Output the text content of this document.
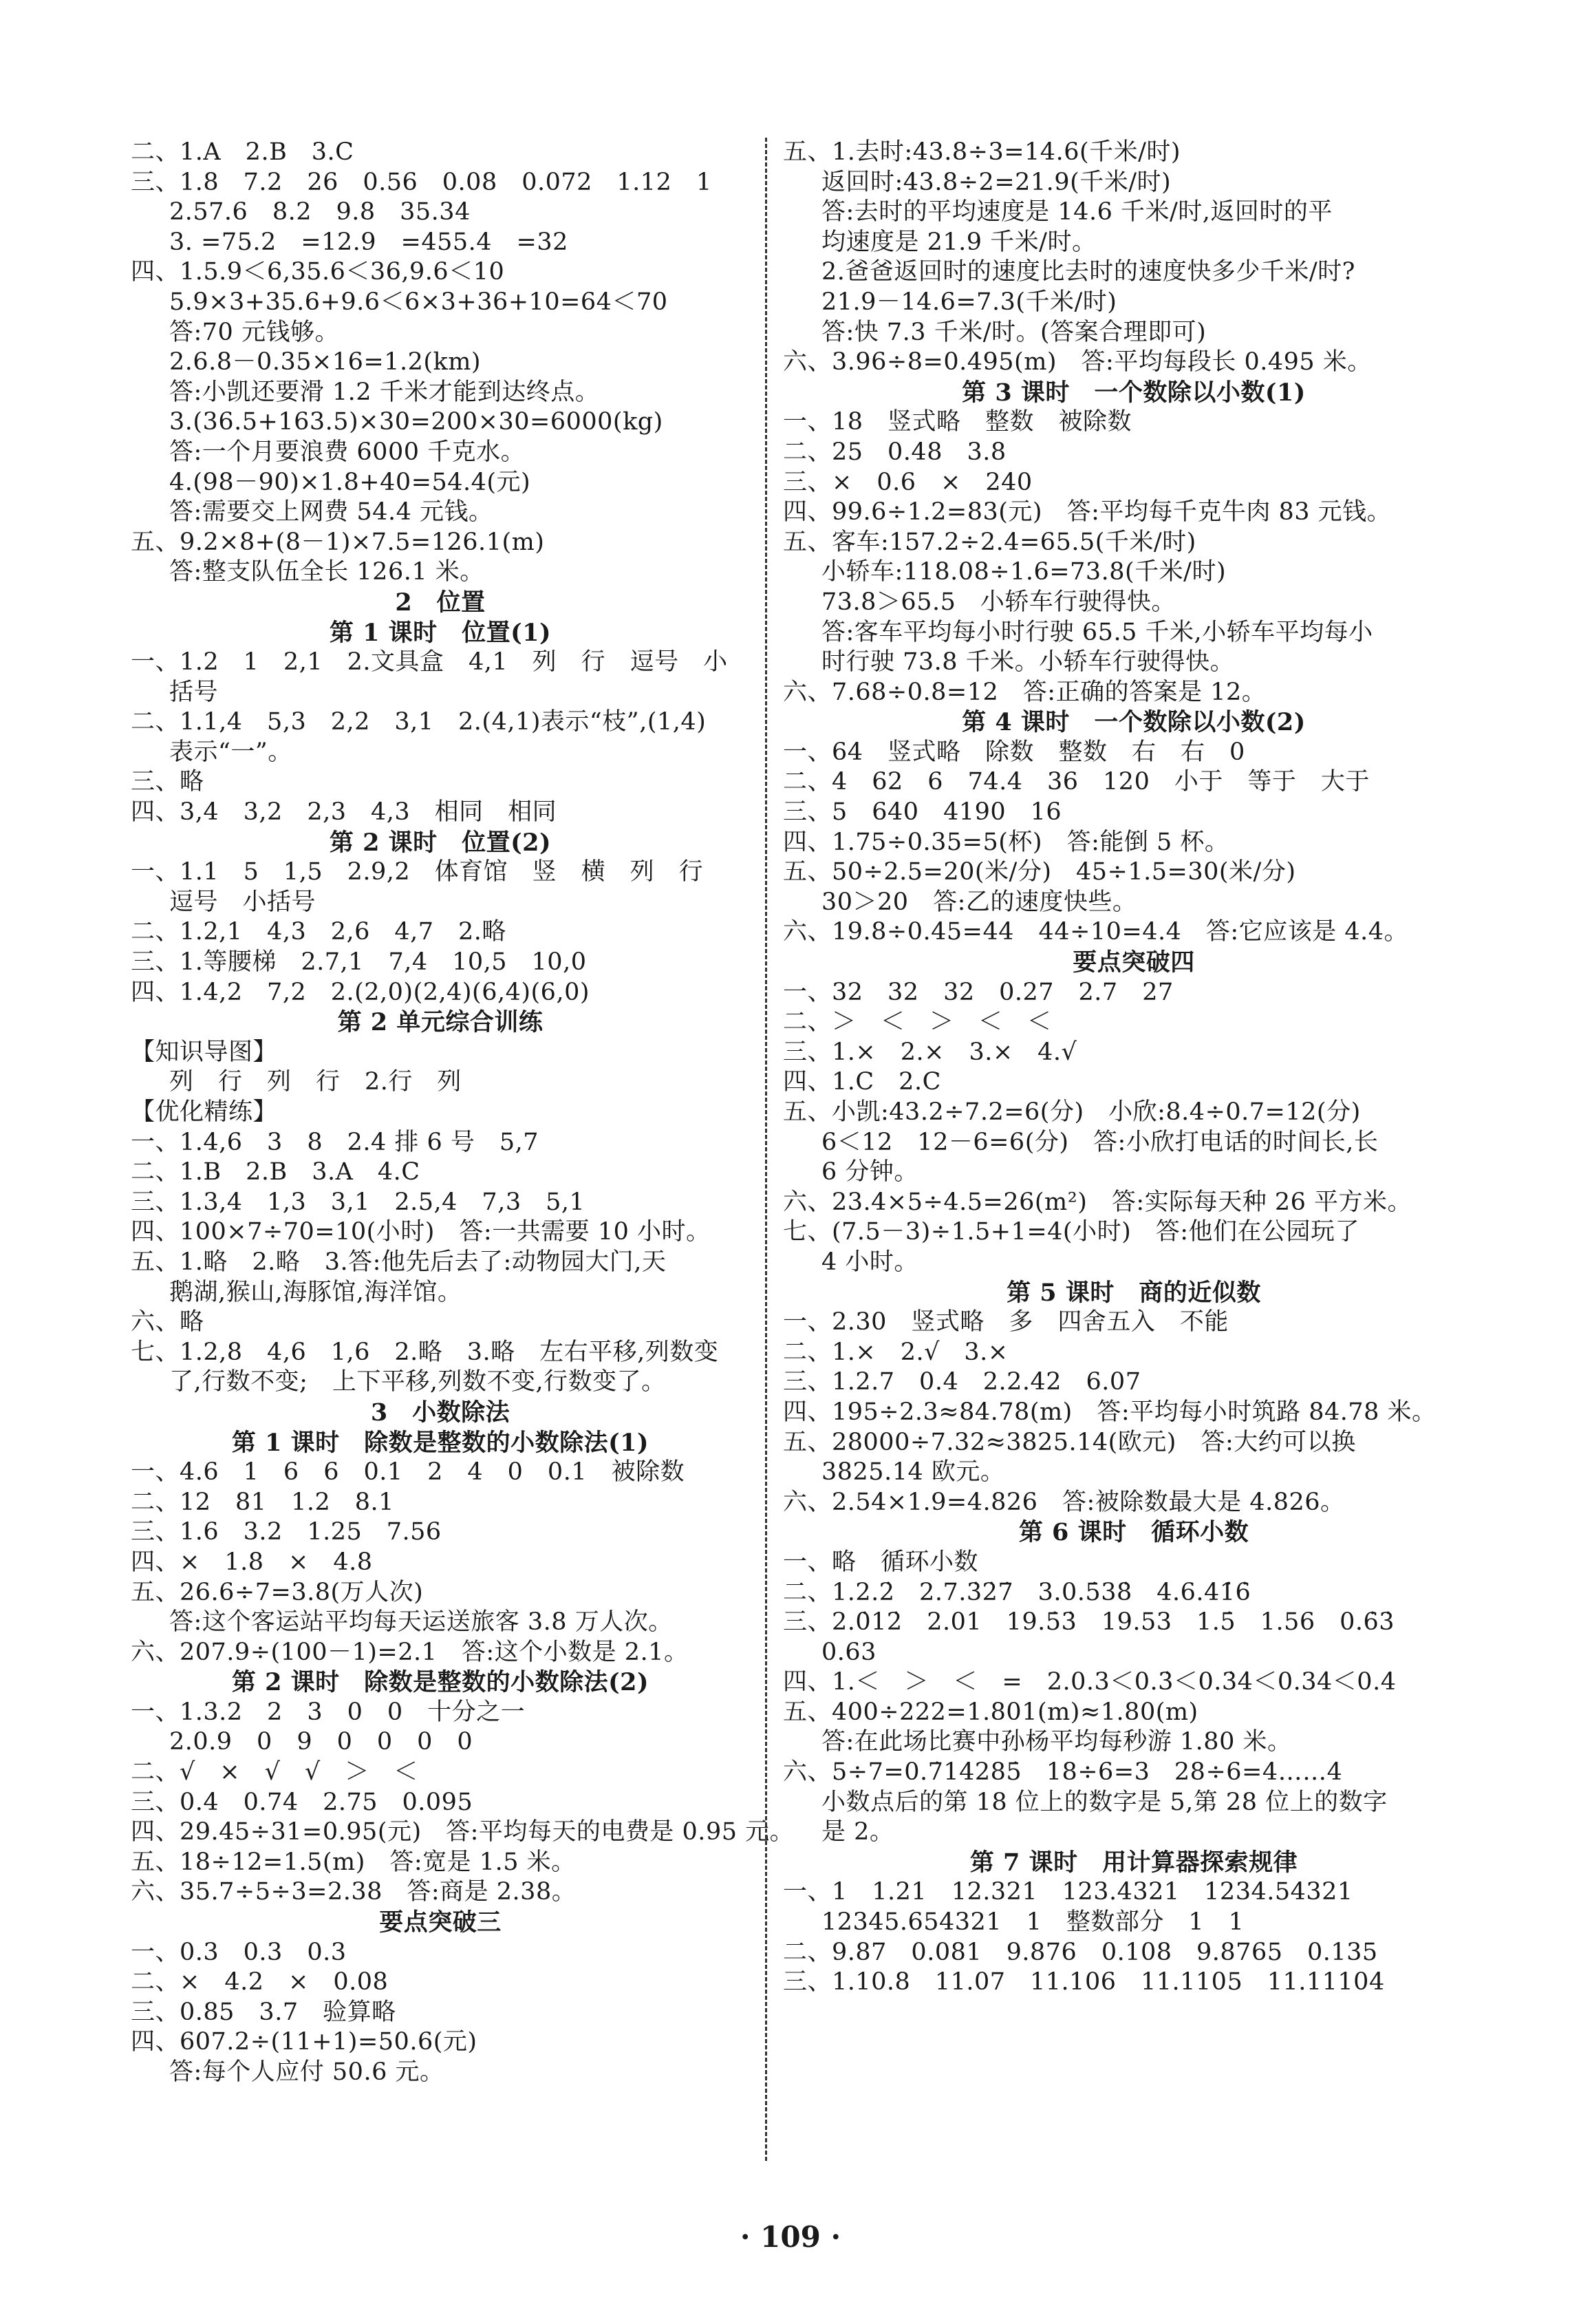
二、1.A　2.B　3.C
三、1.8　7.2　26　0.56　0.08　0.072　1.12　1
2.57.6　8.2　9.8　35.34
3. =75.2　=12.9　=455.4　=32
四、1.5.9＜6,35.6＜36,9.6＜10
5.9×3+35.6+9.6＜6×3+36+10=64＜70
答:70 元钱够。
2.6.8－0.35×16=1.2(km)
答:小凯还要滑 1.2 千米才能到达终点。
3.(36.5+163.5)×30=200×30=6000(kg)
答:一个月要浪费 6000 千克水。
4.(98－90)×1.8+40=54.4(元)
答:需要交上网费 54.4 元钱。
五、9.2×8+(8－1)×7.5=126.1(m)
答:整支队伍全长 126.1 米。
2　位置
第 1 课时　位置(1)
一、1.2　1　2,1　2.文具盒　4,1　列　行　逗号　小
括号
二、1.1,4　5,3　2,2　3,1　2.(4,1)表示“枝”,(1,4)
表示“一”。
三、略
四、3,4　3,2　2,3　4,3　相同　相同
第 2 课时　位置(2)
一、1.1　5　1,5　2.9,2　体育馆　竖　横　列　行
逗号　小括号
二、1.2,1　4,3　2,6　4,7　2.略
三、1.等腰梯　2.7,1　7,4　10,5　10,0
四、1.4,2　7,2　2.(2,0)(2,4)(6,4)(6,0)
第 2 单元综合训练
【知识导图】
列　行　列　行　2.行　列
【优化精练】
一、1.4,6　3　8　2.4 排 6 号　5,7
二、1.B　2.B　3.A　4.C
三、1.3,4　1,3　3,1　2.5,4　7,3　5,1
四、100×7÷70=10(小时)　答:一共需要 10 小时。
五、1.略　2.略　3.答:他先后去了:动物园大门,天
鹅湖,猴山,海豚馆,海洋馆。
六、略
七、1.2,8　4,6　1,6　2.略　3.略　左右平移,列数变
了,行数不变;　上下平移,列数不变,行数变了。
3　小数除法
第 1 课时　除数是整数的小数除法(1)
一、4.6　1　6　6　0.1　2　4　0　0.1　被除数
二、12　81　1.2　8.1
三、1.6　3.2　1.25　7.56
四、×　1.8　×　4.8
五、26.6÷7=3.8(万人次)
答:这个客运站平均每天运送旅客 3.8 万人次。
六、207.9÷(100－1)=2.1　答:这个小数是 2.1。
第 2 课时　除数是整数的小数除法(2)
一、1.3.2　2　3　0　0　十分之一
2.0.9　0　9　0　0　0　0
二、√　×　√　√　＞　＜
三、0.4　0.74　2.75　0.095
四、29.45÷31=0.95(元)　答:平均每天的电费是 0.95 元。
五、18÷12=1.5(m)　答:宽是 1.5 米。
六、35.7÷5÷3=2.38　答:商是 2.38。
要点突破三
一、0.3　0.3　0.3
二、×　4.2　×　0.08
三、0.85　3.7　验算略
四、607.2÷(11+1)=50.6(元)
答:每个人应付 50.6 元。
五、1.去时:43.8÷3=14.6(千米/时)
返回时:43.8÷2=21.9(千米/时)
答:去时的平均速度是 14.6 千米/时,返回时的平
均速度是 21.9 千米/时。
2.爸爸返回时的速度比去时的速度快多少千米/时?
21.9－14.6=7.3(千米/时)
答:快 7.3 千米/时。(答案合理即可)
六、3.96÷8=0.495(m)　答:平均每段长 0.495 米。
第 3 课时　一个数除以小数(1)
一、18　竖式略　整数　被除数
二、25　0.48　3.8
三、×　0.6　×　240
四、99.6÷1.2=83(元)　答:平均每千克牛肉 83 元钱。
五、客车:157.2÷2.4=65.5(千米/时)
小轿车:118.08÷1.6=73.8(千米/时)
73.8＞65.5　小轿车行驶得快。
答:客车平均每小时行驶 65.5 千米,小轿车平均每小
时行驶 73.8 千米。小轿车行驶得快。
六、7.68÷0.8=12　答:正确的答案是 12。
第 4 课时　一个数除以小数(2)
一、64　竖式略　除数　整数　右　右　0
二、4　62　6　74.4　36　120　小于　等于　大于
三、5　640　4190　16
四、1.75÷0.35=5(杯)　答:能倒 5 杯。
五、50÷2.5=20(米/分)　45÷1.5=30(米/分)
30＞20　答:乙的速度快些。
六、19.8÷0.45=44　44÷10=4.4　答:它应该是 4.4。
要点突破四
一、32　32　32　0.27　2.7　27
二、＞　＜　＞　＜　＜
三、1.×　2.×　3.×　4.√
四、1.C　2.C
五、小凯:43.2÷7.2=6(分)　小欣:8.4÷0.7=12(分)
6＜12　12－6=6(分)　答:小欣打电话的时间长,长
6 分钟。
六、23.4×5÷4.5=26(m²)　答:实际每天种 26 平方米。
七、(7.5－3)÷1.5+1=4(小时)　答:他们在公园玩了
4 小时。
第 5 课时　商的近似数
一、2.30　竖式略　多　四舍五入　不能
二、1.×　2.√　3.×
三、1.2.7　0.4　2.2.42　6.07
四、195÷2.3≈84.78(m)　答:平均每小时筑路 84.78 米。
五、28000÷7.32≈3825.14(欧元)　答:大约可以换
3825.14 欧元。
六、2.54×1.9=4.826　答:被除数最大是 4.826。
第 6 课时　循环小数
一、略　循环小数
二、1.2.2̇　2.7.3̇2̇7̇　3.0.5̇38̇　4.6.41̇6̇
三、2.0̇12̇　2.01　19.5̇3̇　19.53　1.5̇　1.56　0.6̇3̇
0.63
四、1.＜　＞　＜　=　2.0.3＜0.3̇＜0.3̇4̇＜0.34̇＜0.4
五、400÷222=1.801(m)≈1.80(m)
答:在此场比赛中孙杨平均每秒游 1.80 米。
六、5÷7=0.7̇14285̇　18÷6=3　28÷6=4……4
小数点后的第 18 位上的数字是 5,第 28 位上的数字
是 2。
第 7 课时　用计算器探索规律
一、1　1.21　12.321　123.4321　1234.54321
12345.654321　1　整数部分　1　1
二、9.87　0.081　9.876　0.108　9.8765　0.135
三、1.10.8　11.07　11.106　11.1105　11.11104
· 109 ·
